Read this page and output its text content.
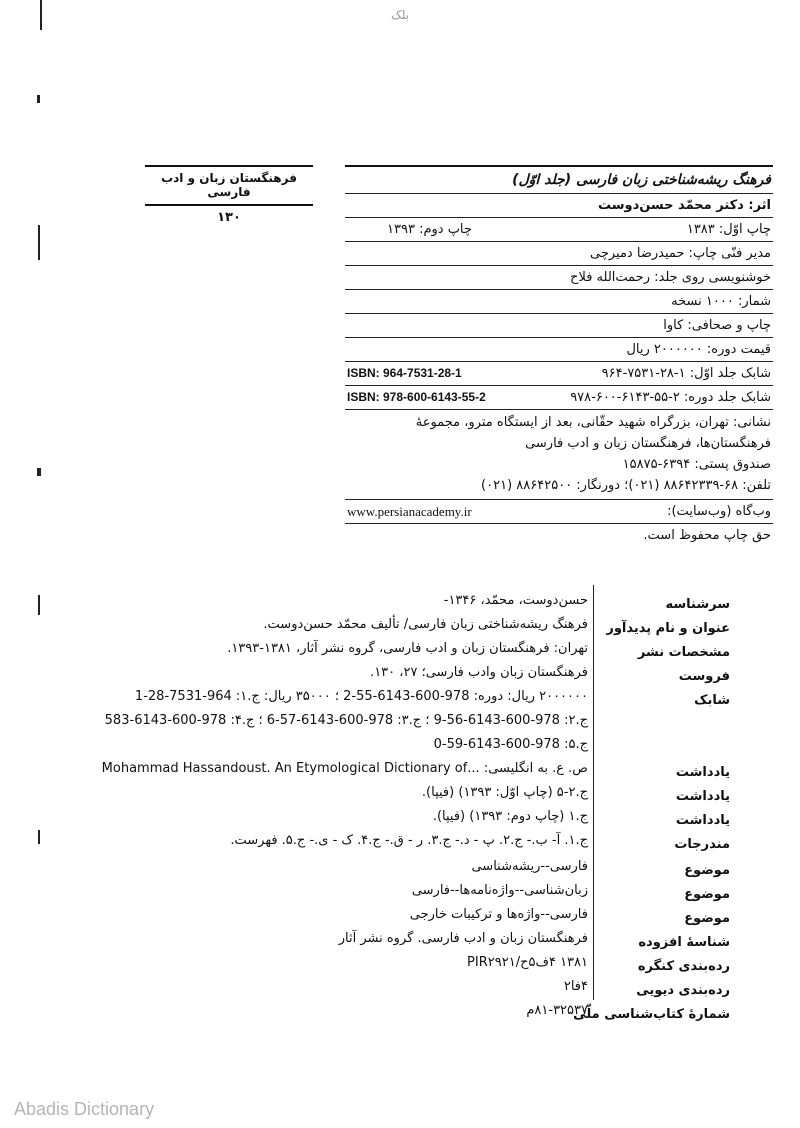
بلک
فرهنگستان زبان و ادب فارسی
۱۳۰
فرهنگ ریشه‌شناختی زبان فارسی (جلد اوّل)
اثر: دکتر محمّد حسن‌دوست
چاپ اوّل: ۱۳۸۳
چاپ دوم: ۱۳۹۳
مدیر فنّی چاپ: حمیدرضا دمیرچی
خوشنویسی روی جلد: رحمت‌الله فلاح
شمار: ۱۰۰۰ نسخه
چاپ و صحافی: کاوا
قیمت دوره: ۲۰۰۰۰۰۰ ریال
شابک جلد اوّل: ۱-۲۸-۷۵۳۱-۹۶۴
ISBN: 964-7531-28-1
شابک جلد دوره: ۲-۵۵-۶۱۴۳-۶۰۰-۹۷۸
ISBN: 978-600-6143-55-2
نشانی: تهران، بزرگراه شهید حقّانی، بعد از ایستگاه مترو، مجموعهٔ
فرهنگستان‌ها، فرهنگستان زبان و ادب فارسی
صندوق پستی: ۶۳۹۴-۱۵۸۷۵
تلفن: ۶۸-۸۸۶۴۲۳۳۹ (۰۲۱)؛ دورنگار: ۸۸۶۴۲۵۰۰ (۰۲۱)
وب‌گاه (وب‌سایت):
www.persianacademy.ir
حق چاپ محفوظ است.
سرشناسه
حسن‌دوست، محمّد، ۱۳۴۶-
عنوان و نام پدیدآور
فرهنگ ریشه‌شناختی زبان فارسی/ تألیف محمّد حسن‌دوست.
مشخصات نشر
تهران: فرهنگستان زبان و ادب فارسی، گروه نشر آثار، ۱۳۸۱-۱۳۹۳.
فروست
فرهنگستان زبان وادب فارسی؛ ۲۷، ۱۳۰.
شابک
۲۰۰۰۰۰۰ ریال: دوره: 978-600-6143-55-2 ؛ ۳۵۰۰۰ ریال: ج.۱: 964-7531-28-1
ج.۲: 978-600-6143-56-9 ؛ ج.۳: 978-600-6143-57-6 ؛ ج.۴: 978-600-6143-583
ج.۵: 978-600-6143-59-0
یادداشت
ص. ع. به انگلیسی: ...Mohammad Hassandoust. An Etymological Dictionary of
یادداشت
ج.۲-۵ (چاپ اوّل: ۱۳۹۳) (فیپا).
یادداشت
ج.۱ (چاپ دوم: ۱۳۹۳) (فیپا).
مندرجات
ج.۱. آ- ب.- ج.۲. پ - د.- ج.۳. ر - ق.- ج.۴. ک - ی.- ج.۵. فهرست.
موضوع
فارسی--ریشه‌شناسی
موضوع
زبان‌شناسی--واژه‌نامه‌ها--فارسی
موضوع
فارسی--واژه‌ها و ترکیبات خارجی
شناسهٔ افزوده
فرهنگستان زبان و ادب فارسی. گروه نشر آثار
رده‌بندی کنگره
۱۳۸۱ ۴ف۵ح/PIR۲۹۲۱
رده‌بندی دیویی
۴فا۲
شمارهٔ کتاب‌شناسی ملّی
۸۱-۳۲۵۳۷م
Abadis Dictionary
